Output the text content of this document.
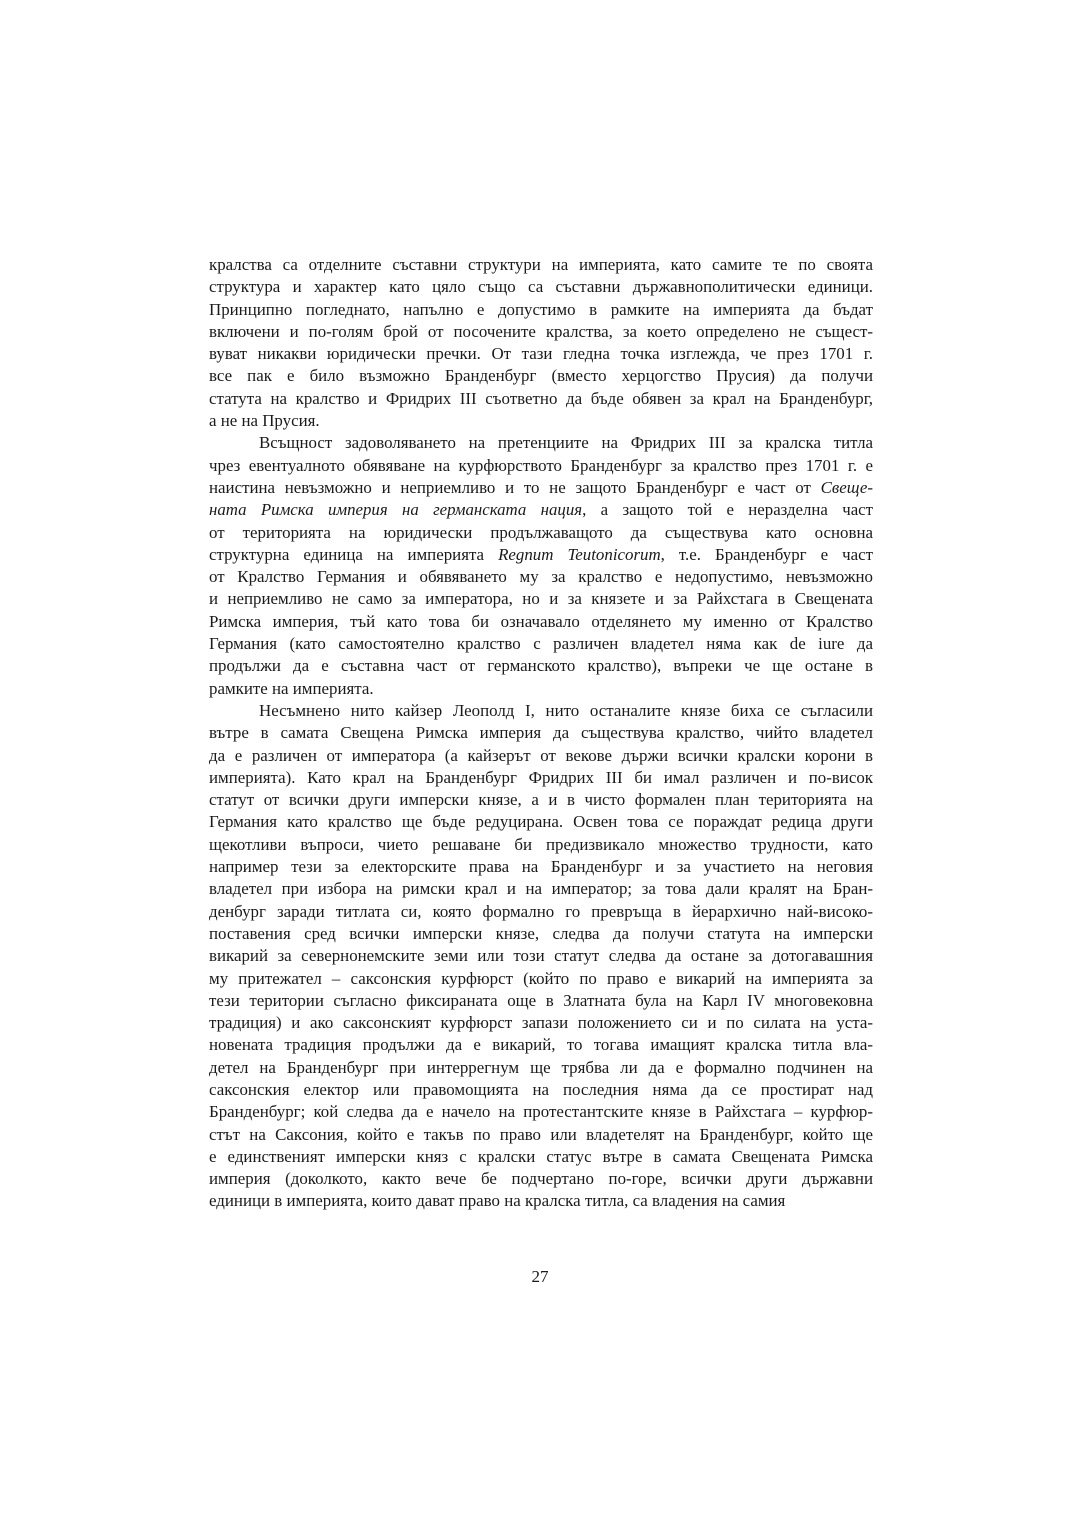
кралства са отделните съставни структури на империята, като самите те по своята
структура и характер като цяло също са съставни държавнополитически единици.
Принципно погледнато, напълно е допустимо в рамките на империята да бъдат
включени и по-голям брой от посочените кралства, за което определено не същест-
вуват никакви юридически пречки. От тази гледна точка изглежда, че през 1701 г.
все пак е било възможно Бранденбург (вместо херцогство Прусия) да получи
статута на кралство и Фридрих III съответно да бъде обявен за крал на Бранденбург,
а не на Прусия.
Всъщност задоволяването на претенциите на Фридрих III за кралска титла
чрез евентуалното обявяване на курфюрството Бранденбург за кралство през 1701 г. е
наистина невъзможно и неприемливо и то не защото Бранденбург е част от Свеще-
ната Римска империя на германската нация, а защото той е неразделна част
от територията на юридически продължаващото да съществува като основна
структурна единица на империята Regnum Teutonicorum, т.е. Бранденбург е част
от Кралство Германия и обявяването му за кралство е недопустимо, невъзможно
и неприемливо не само за императора, но и за князете и за Райхстага в Свещената
Римска империя, тъй като това би означавало отделянето му именно от Кралство
Германия (като самостоятелно кралство с различен владетел няма как de iure да
продължи да е съставна част от германското кралство), въпреки че ще остане в
рамките на империята.
Несъмнено нито кайзер Леополд I, нито останалите князе биха се съгласили
вътре в самата Свещена Римска империя да съществува кралство, чийто владетел
да е различен от императора (а кайзерът от векове държи всички кралски корони в
империята). Като крал на Бранденбург Фридрих III би имал различен и по-висок
статут от всички други имперски князе, а и в чисто формален план територията на
Германия като кралство ще бъде редуцирана. Освен това се пораждат редица други
щекотливи въпроси, чието решаване би предизвикало множество трудности, като
например тези за електорските права на Бранденбург и за участието на неговия
владетел при избора на римски крал и на император; за това дали кралят на Бран-
денбург заради титлата си, която формално го превръща в йерархично най-високо-
поставения сред всички имперски князе, следва да получи статута на имперски
викарий за севернонемските земи или този статут следва да остане за дотогавашния
му притежател – саксонския курфюрст (който по право е викарий на империята за
тези територии съгласно фиксираната още в Златната була на Карл IV многовековна
традиция) и ако саксонският курфюрст запази положението си и по силата на уста-
новената традиция продължи да е викарий, то тогава имащият кралска титла вла-
детел на Бранденбург при интеррегнум ще трябва ли да е формално подчинен на
саксонския електор или правомощията на последния няма да се простират над
Бранденбург; кой следва да е начело на протестантските князе в Райхстага – курфюр-
стът на Саксония, който е такъв по право или владетелят на Бранденбург, който ще
е единственият имперски княз с кралски статус вътре в самата Свещената Римска
империя (доколкото, както вече бе подчертано по-горе, всички други държавни
единици в империята, които дават право на кралска титла, са владения на самия
27
